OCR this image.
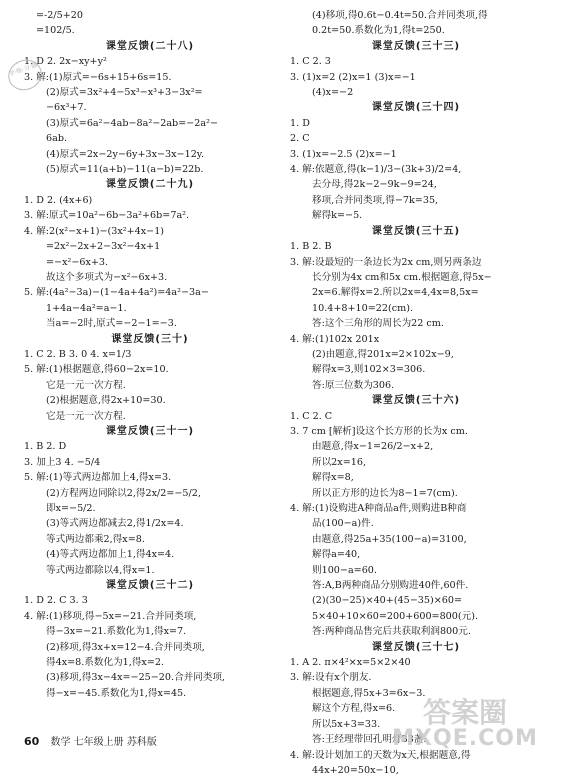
=-2/5+20
=102/5.
课堂反馈(二十八)
1. D 2. 2x−xy+y²
3. 解:(1)原式=−6s+15+6s=15.
(2)原式=3x²+4−5x³−x³+3−3x²=
−6x³+7.
(3)原式=6a²−4ab−8a²−2ab=−2a²−
6ab.
(4)原式=2x−2y−6y+3x−3x−12y.
(5)原式=11(a+b)−11(a−b)=22b.
课堂反馈(二十九)
1. D 2. (4x+6)
3. 解:原式=10a²−6b−3a²+6b=7a².
4. 解:2(x²−x+1)−(3x²+4x−1)
=2x²−2x+2−3x²−4x+1
=−x²−6x+3.
故这个多项式为−x²−6x+3.
5. 解:(4a²−3a)−(1−4a+4a²)=4a²−3a−
1+4a−4a²=a−1.
当a=−2时,原式=−2−1=−3.
课堂反馈(三十)
1. C 2. B 3. 0 4. x=1/3
5. 解:(1)根据题意,得60−2x=10.
它是一元一次方程.
(2)根据题意,得2x+10=30.
它是一元一次方程.
课堂反馈(三十一)
1. B 2. D
3. 加上3 4. −5/4
5. 解:(1)等式两边都加上4,得x=3.
(2)方程两边同除以2,得2x/2=−5/2,
即x=−5/2.
(3)等式两边都减去2,得1/2x=4.
等式两边都乘2,得x=8.
(4)等式两边都加上1,得4x=4.
等式两边都除以4,得x=1.
课堂反馈(三十二)
1. D 2. C 3. 3
4. 解:(1)移项,得−5x=−21.合并同类项,
得−3x=−21.系数化为1,得x=7.
(2)移项,得3x+x=12−4.合并同类项,
得4x=8.系数化为1,得x=2.
(3)移项,得3x−4x=−25−20.合并同类项,
得−x=−45.系数化为1,得x=45.
(4)移项,得0.6t−0.4t=50.合并同类项,得
0.2t=50.系数化为1,得t=250.
课堂反馈(三十三)
1. C 2. 3
3. (1)x=2 (2)x=1 (3)x=−1
(4)x=−2
课堂反馈(三十四)
1. D
2. C
3. (1)x=−2.5 (2)x=−1
4. 解:依题意,得(k−1)/3−(3k+3)/2=4,
去分母,得2k−2−9k−9=24,
移项,合并同类项,得−7k=35,
解得k=−5.
课堂反馈(三十五)
1. B 2. B
3. 解:设最短的一条边长为2x cm,则另两条边
长分别为4x cm和5x cm.根据题意,得5x−
2x=6.解得x=2.所以2x=4,4x=8,5x=
10.4+8+10=22(cm).
答:这个三角形的周长为22 cm.
4. 解:(1)102x 201x
(2)由题意,得201x=2×102x−9,
解得x=3,则102×3=306.
答:原三位数为306.
课堂反馈(三十六)
1. C 2. C
3. 7 cm [解析]设这个长方形的长为x cm.
由题意,得x−1=26/2−x+2,
所以2x=16,
解得x=8,
所以正方形的边长为8−1=7(cm).
4. 解:(1)设购进A种商品a件,则购进B种商
品(100−a)件.
由题意,得25a+35(100−a)=3100,
解得a=40,
则100−a=60.
答:A,B两种商品分别购进40件,60件.
(2)(30−25)×40+(45−35)×60=
5×40+10×60=200+600=800(元).
答:两种商品售完后共获取利润800元.
课堂反馈(三十七)
1. A 2. π×4²×x=5×2×40
3. 解:设有x个朋友.
根据题意,得5x+3=6x−3.
解这个方程,得x=6.
所以5x+3=33.
答:王经理带回孔明灯33盏.
4. 解:设计划加工的天数为x天,根据题意,得
44x+20=50x−10,
学·练·习·题
60 数学 七年级上册 苏科版
答案圈
MXQE.COM
